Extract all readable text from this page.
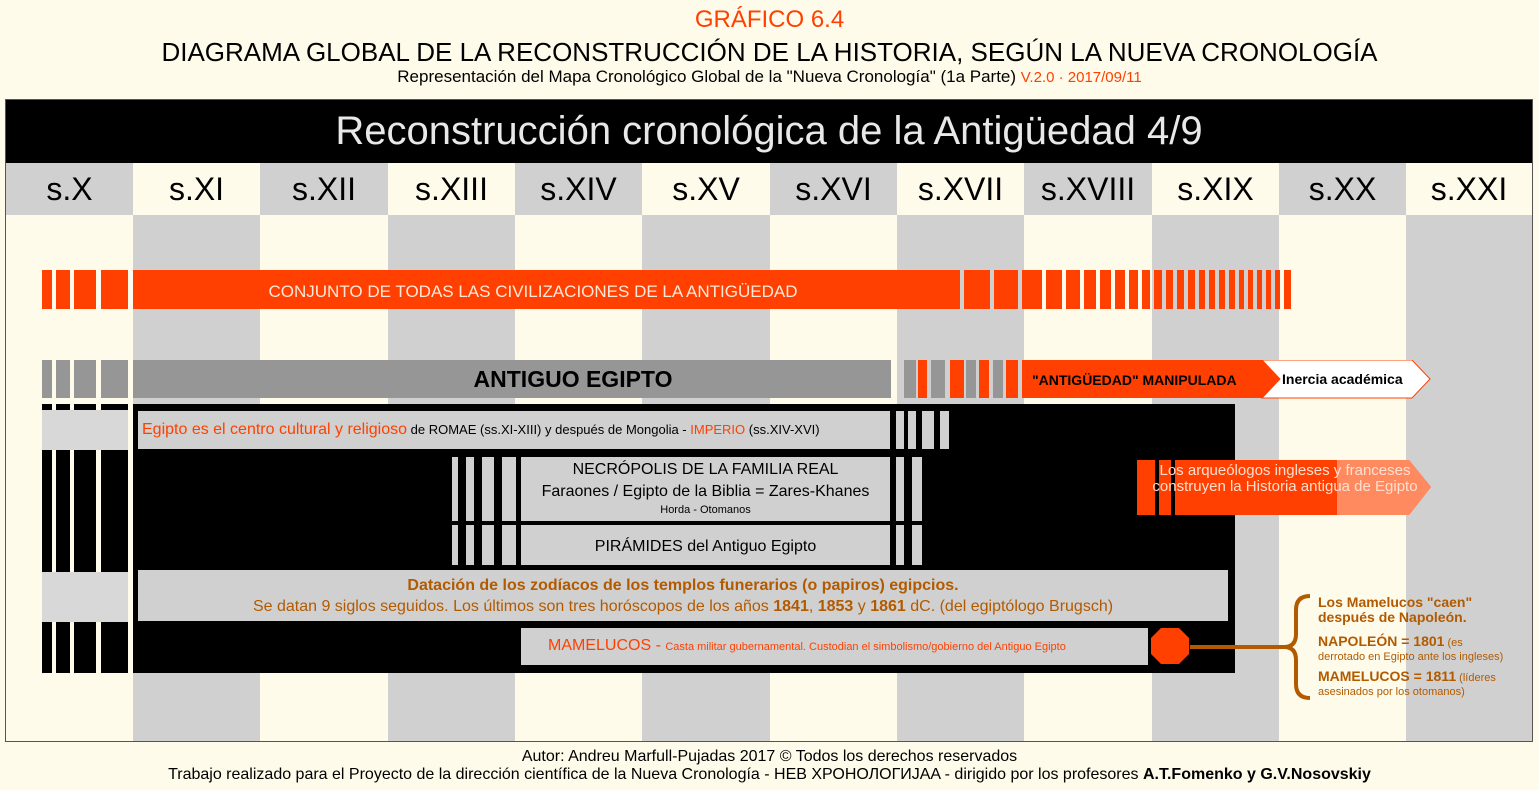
GRÁFICO 6.4
DIAGRAMA GLOBAL DE LA RECONSTRUCCIÓN DE LA HISTORIA, SEGÚN LA NUEVA CRONOLOGÍA
Representación del Mapa Cronológico Global de la "Nueva Cronología" (1a Parte) V.2.0 · 2017/09/11
s.X	s.XI	s.XII	s.XIII	s.XIV	s.XV	s.XVI	s.XVII	s.XVIII	s.XIX	s.XX	s.XXI
Reconstrucción cronológica de la Antigüedad 4/9
CONJUNTO DE TODAS LAS CIVILIZACIONES DE LA ANTIGÜEDAD
ANTIGUO EGIPTO	"ANTIGÜEDAD" MANIPULADA	Inercia académica
Egipto es el centro cultural y religioso de ROMAE (ss.XI-XIII) y después de Mongolia - IMPERIO (ss.XIV-XVI)
NECRÓPOLIS DE LA FAMILIA REAL
Faraones / Egipto de la Biblia = Zares-Khanes
Horda - Otomanos
Los arqueólogos ingleses y franceses construyen la Historia antigua de Egipto
PIRÁMIDES del Antiguo Egipto
Datación de los zodíacos de los templos funerarios (o papiros) egipcios.
Se datan 9 siglos seguidos. Los últimos son tres horóscopos de los años 1841, 1853 y 1861 dC. (del egiptólogo Brugsch)
MAMELUCOS - Casta militar gubernamental. Custodian el simbolismo/gobierno del Antiguo Egipto
Los Mamelucos "caen"
después de Napoleón.
NAPOLEÓN = 1801 (es
derrotado en Egipto ante los ingleses)
MAMELUCOS = 1811 (líderes
asesinados por los otomanos)
Autor: Andreu Marfull-Pujadas 2017 © Todos los derechos reservados
Trabajo realizado para el Proyecto de la dirección científica de la Nueva Cronología - НЕВ ХРОНОЛОГИJAA - dirigido por los profesores A.T.Fomenko y G.V.Nosovskiy
